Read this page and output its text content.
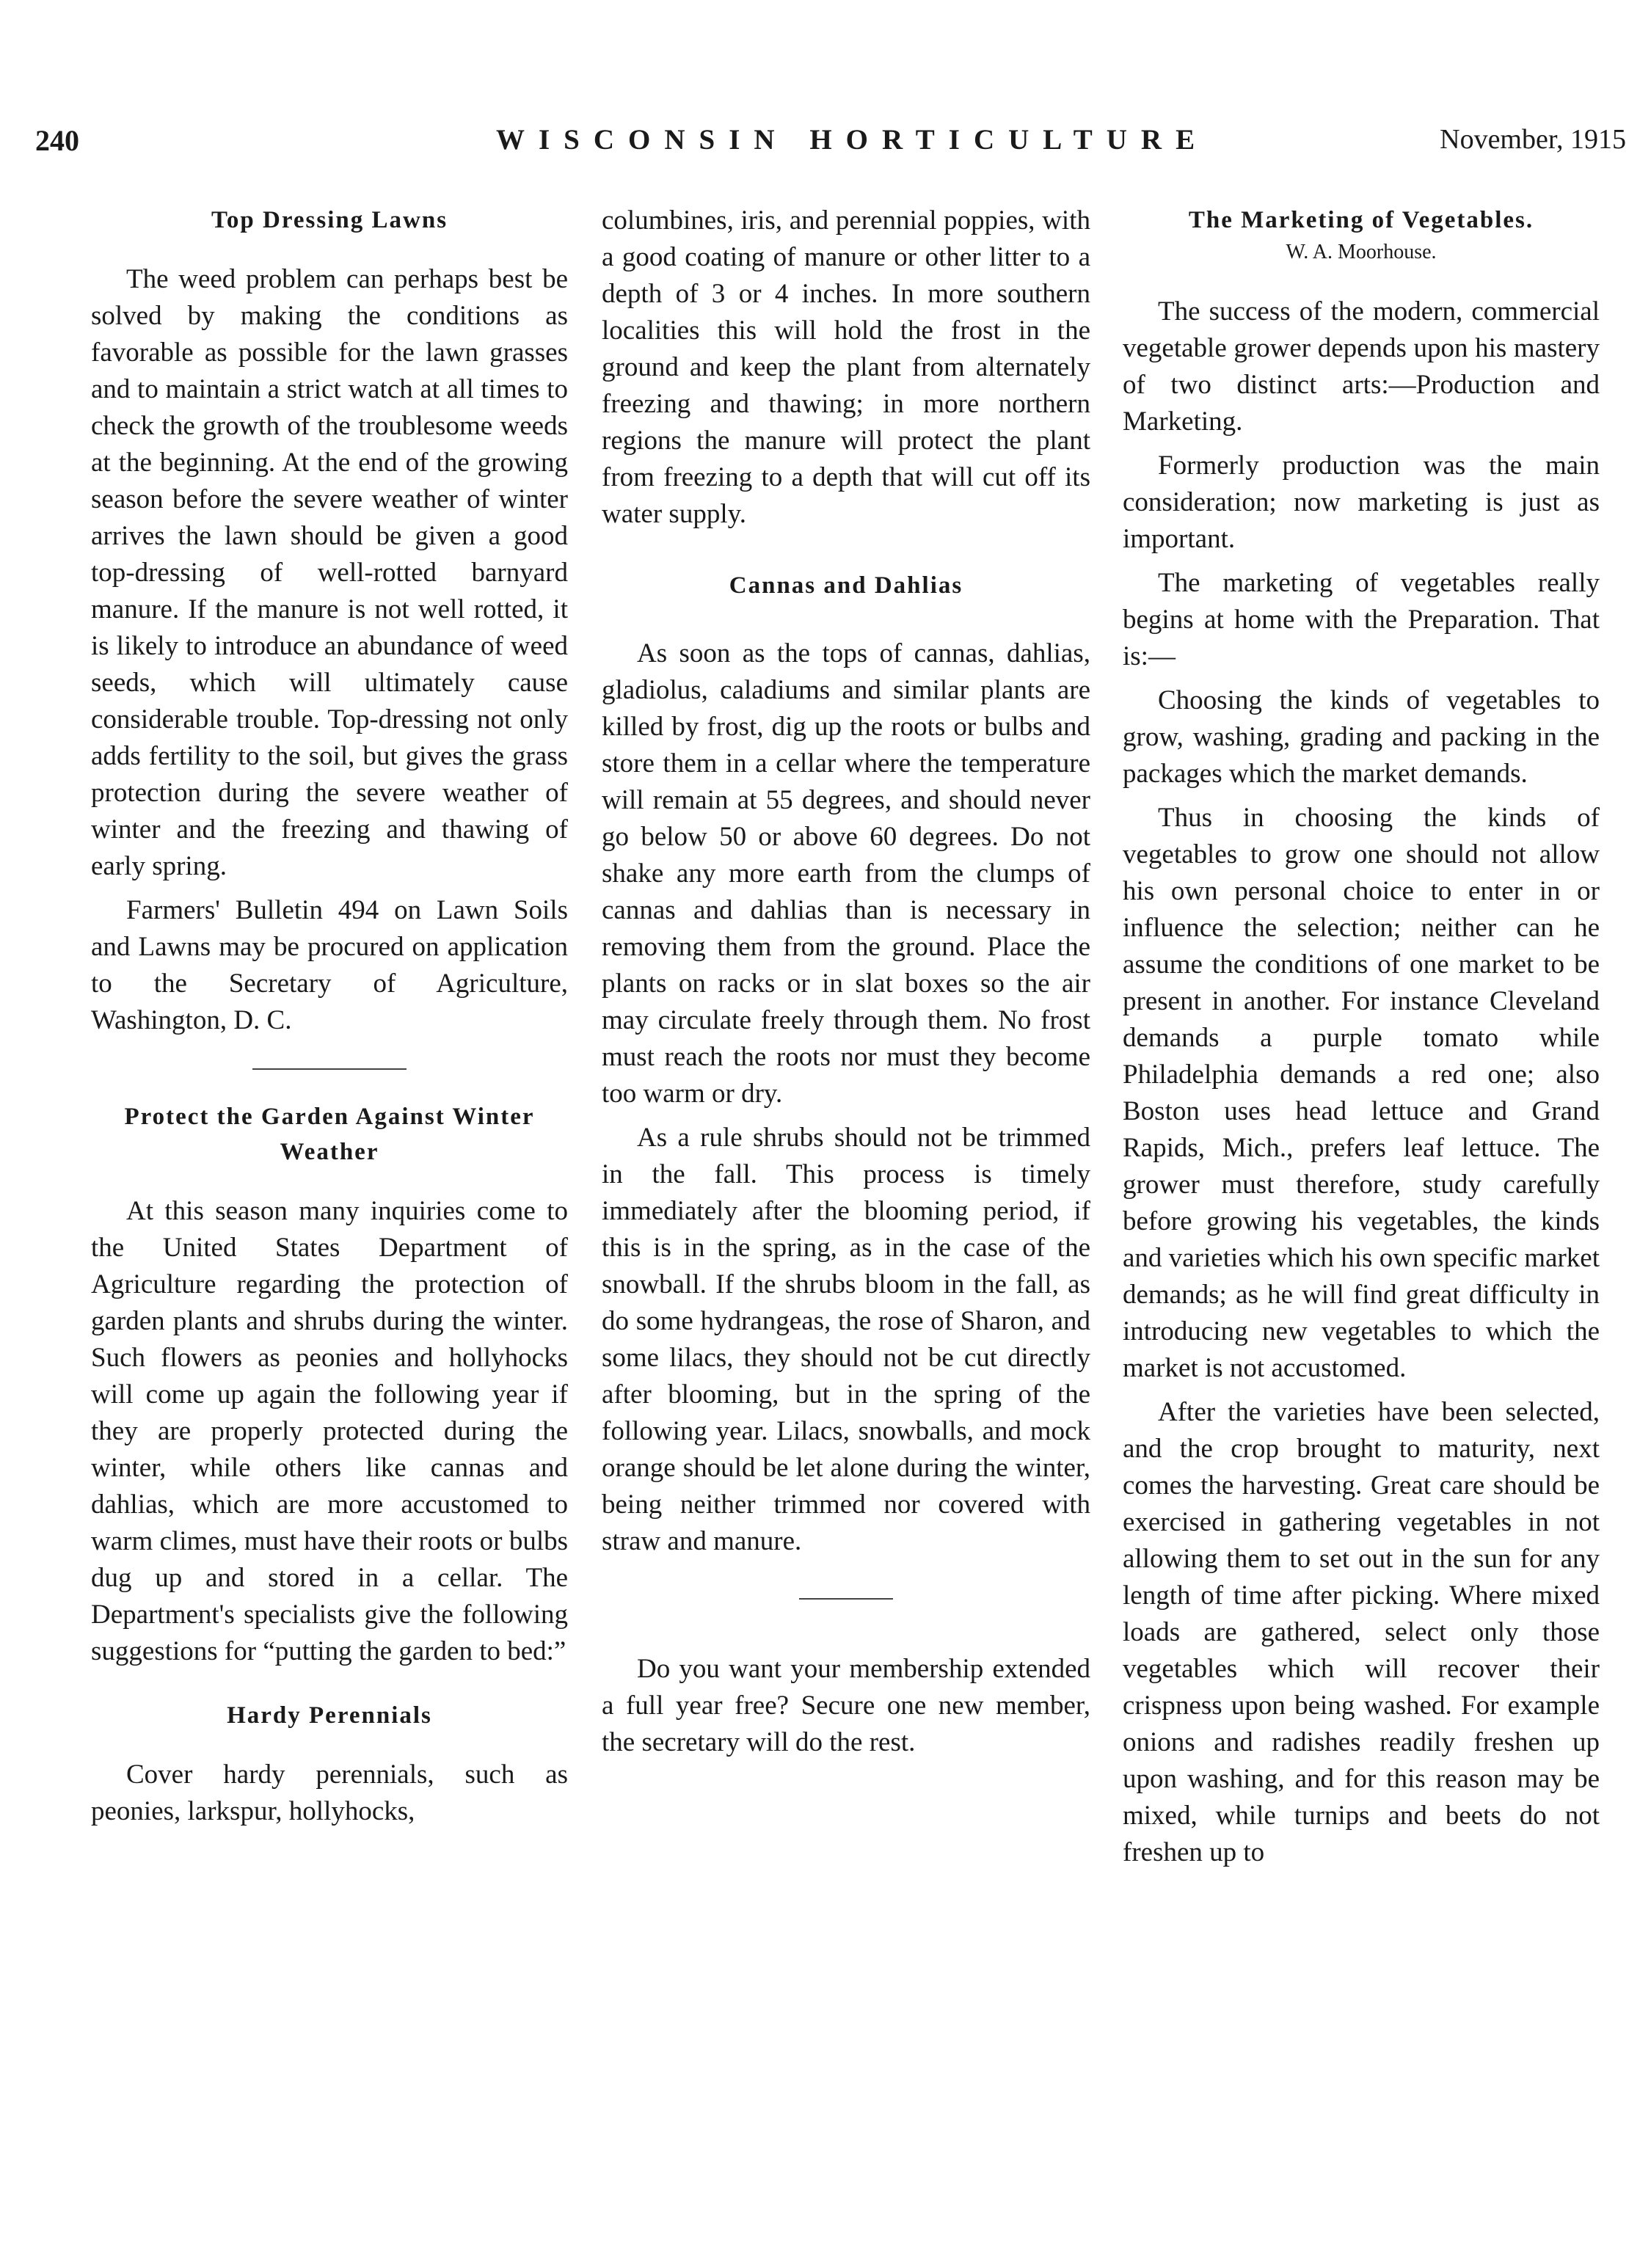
240	WISCONSIN HORTICULTURE	November, 1915
Top Dressing Lawns

The weed problem can perhaps best be solved by making the conditions as favorable as possible for the lawn grasses and to maintain a strict watch at all times to check the growth of the troublesome weeds at the beginning. At the end of the growing season before the severe weather of winter arrives the lawn should be given a good top-dressing of well-rotted barnyard manure. If the manure is not well rotted, it is likely to introduce an abundance of weed seeds, which will ultimately cause considerable trouble. Top-dressing not only adds fertility to the soil, but gives the grass protection during the severe weather of winter and the freezing and thawing of early spring.

Farmers' Bulletin 494 on Lawn Soils and Lawns may be procured on application to the Secretary of Agriculture, Washington, D. C.

Protect the Garden Against Winter Weather

At this season many inquiries come to the United States Department of Agriculture regarding the protection of garden plants and shrubs during the winter. Such flowers as peonies and hollyhocks will come up again the following year if they are properly protected during the winter, while others like cannas and dahlias, which are more accustomed to warm climes, must have their roots or bulbs dug up and stored in a cellar. The Department's specialists give the following suggestions for “putting the garden to bed:”

Hardy Perennials

Cover hardy perennials, such as peonies, larkspur, hollyhocks,

columbines, iris, and perennial poppies, with a good coating of manure or other litter to a depth of 3 or 4 inches. In more southern localities this will hold the frost in the ground and keep the plant from alternately freezing and thawing; in more northern regions the manure will protect the plant from freezing to a depth that will cut off its water supply.

Cannas and Dahlias

As soon as the tops of cannas, dahlias, gladiolus, caladiums and similar plants are killed by frost, dig up the roots or bulbs and store them in a cellar where the temperature will remain at 55 degrees, and should never go below 50 or above 60 degrees. Do not shake any more earth from the clumps of cannas and dahlias than is necessary in removing them from the ground. Place the plants on racks or in slat boxes so the air may circulate freely through them. No frost must reach the roots nor must they become too warm or dry.

As a rule shrubs should not be trimmed in the fall. This process is timely immediately after the blooming period, if this is in the spring, as in the case of the snowball. If the shrubs bloom in the fall, as do some hydrangeas, the rose of Sharon, and some lilacs, they should not be cut directly after blooming, but in the spring of the following year. Lilacs, snowballs, and mock orange should be let alone during the winter, being neither trimmed nor covered with straw and manure.

Do you want your membership extended a full year free? Secure one new member, the secretary will do the rest.

The Marketing of Vegetables.
W. A. Moorhouse.

The success of the modern, commercial vegetable grower depends upon his mastery of two distinct arts:—Production and Marketing.

Formerly production was the main consideration; now marketing is just as important.

The marketing of vegetables really begins at home with the Preparation. That is:—

Choosing the kinds of vegetables to grow, washing, grading and packing in the packages which the market demands.

Thus in choosing the kinds of vegetables to grow one should not allow his own personal choice to enter in or influence the selection; neither can he assume the conditions of one market to be present in another. For instance Cleveland demands a purple tomato while Philadelphia demands a red one; also Boston uses head lettuce and Grand Rapids, Mich., prefers leaf lettuce. The grower must therefore, study carefully before growing his vegetables, the kinds and varieties which his own specific market demands; as he will find great difficulty in introducing new vegetables to which the market is not accustomed.

After the varieties have been selected, and the crop brought to maturity, next comes the harvesting. Great care should be exercised in gathering vegetables in not allowing them to set out in the sun for any length of time after picking. Where mixed loads are gathered, select only those vegetables which will recover their crispness upon being washed. For example onions and radishes readily freshen up upon washing, and for this reason may be mixed, while turnips and beets do not freshen up to
